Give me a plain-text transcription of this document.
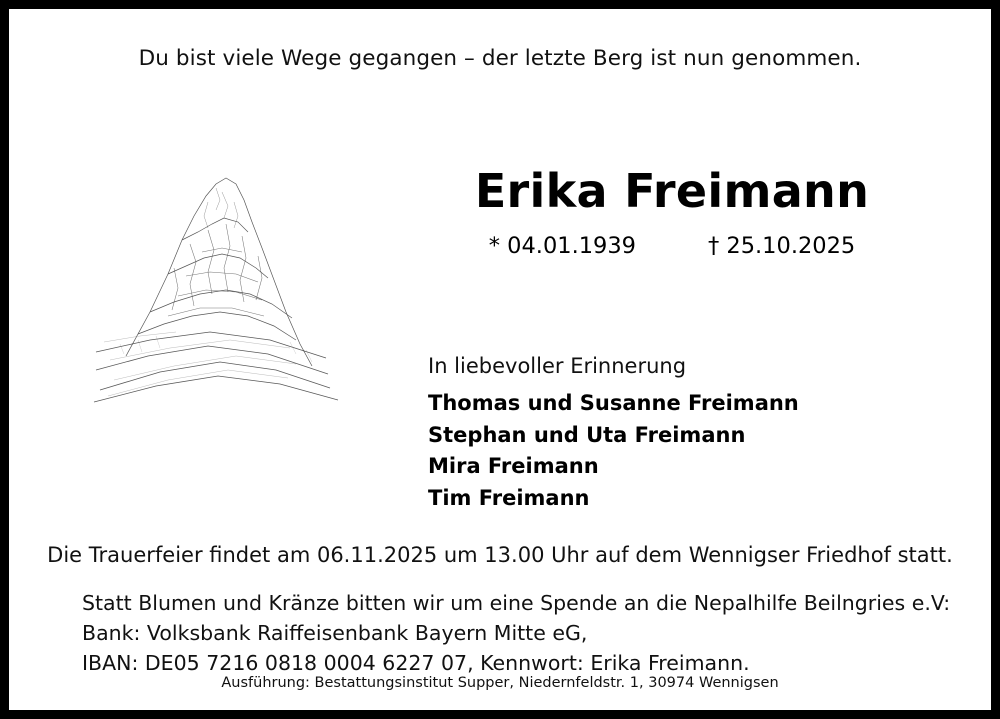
Du bist viele Wege gegangen – der letzte Berg ist nun genommen.
Erika Freimann
* 04.01.1939	† 25.10.2025
In liebevoller Erinnerung
Thomas und Susanne Freimann
Stephan und Uta Freimann
Mira Freimann
Tim Freimann
Die Trauerfeier findet am 06.11.2025 um 13.00 Uhr auf dem Wennigser Friedhof statt.
Statt Blumen und Kränze bitten wir um eine Spende an die Nepalhilfe Beilngries e.V:
Bank: Volksbank Raiffeisenbank Bayern Mitte eG,
IBAN: DE05 7216 0818 0004 6227 07, Kennwort: Erika Freimann.
Ausführung: Bestattungsinstitut Supper, Niedernfeldstr. 1, 30974 Wennigsen
